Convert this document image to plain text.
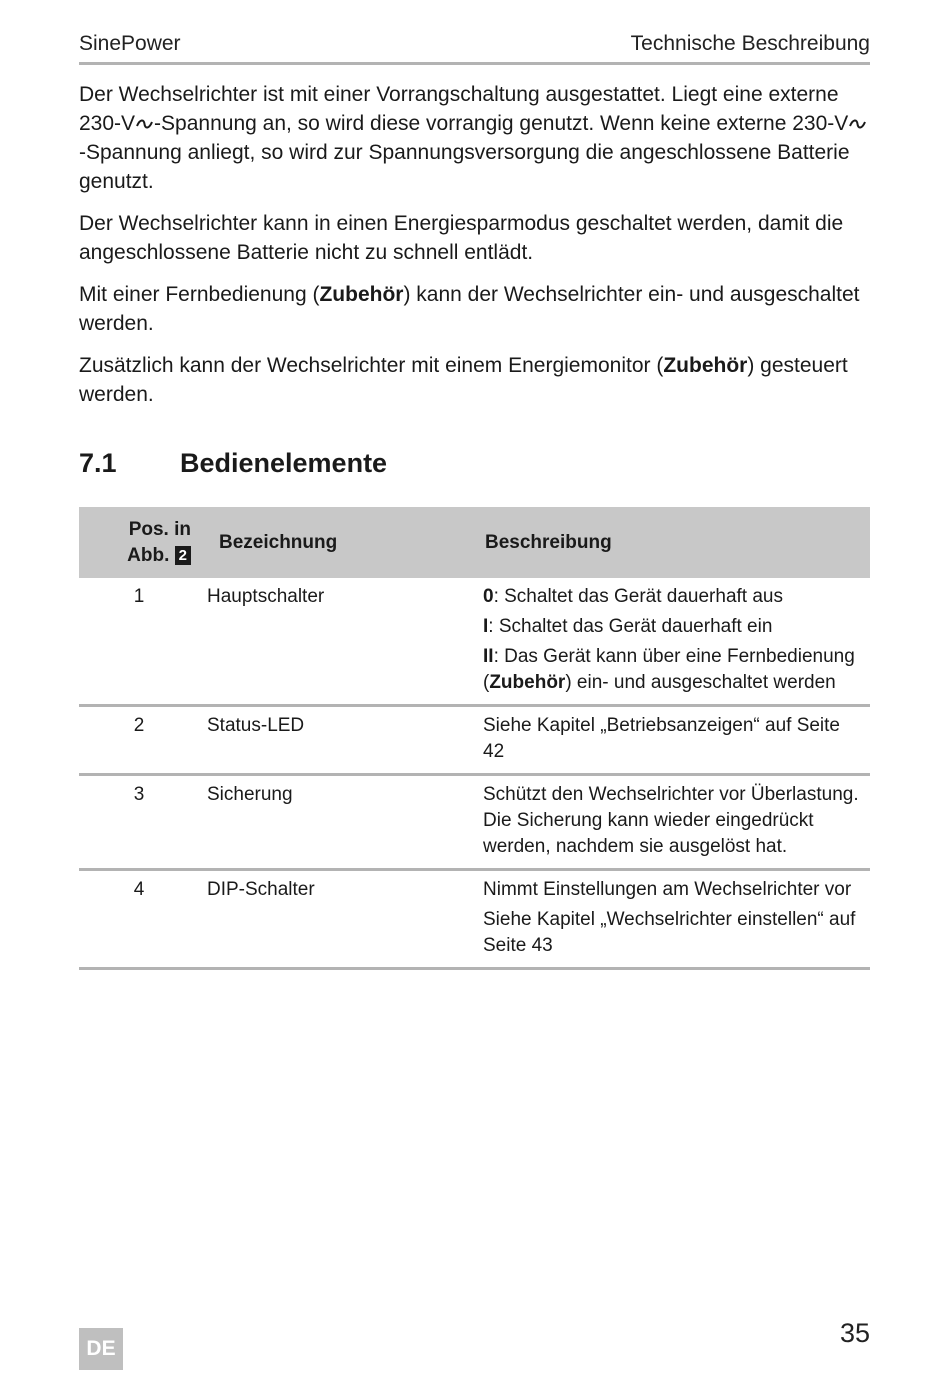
SinePower	Technische Beschreibung

Der Wechselrichter ist mit einer Vorrangschaltung ausgestattet. Liegt eine externe 230-V -Spannung an, so wird diese vorrangig genutzt. Wenn keine externe 230-V-Spannung anliegt, so wird zur Spannungsversorgung die angeschlossene Batterie genutzt.

Der Wechselrichter kann in einen Energiesparmodus geschaltet werden, damit die angeschlossene Batterie nicht zu schnell entlädt.

Mit einer Fernbedienung (Zubehör) kann der Wechselrichter ein- und ausgeschaltet werden.

Zusätzlich kann der Wechselrichter mit einem Energiemonitor (Zubehör) gesteuert werden.

7.1 Bedienelemente
Pos. in
Abb. 2	Bezeichnung	Beschreibung
1	Hauptschalter	0: Schaltet das Gerät dauerhaft aus
I: Schaltet das Gerät dauerhaft ein
II: Das Gerät kann über eine Fernbedienung (Zubehör) ein- und ausgeschaltet werden

2	Status-LED	Siehe Kapitel „Betriebsanzeigen“ auf Seite 42

3	Sicherung	Schützt den Wechselrichter vor Überlastung. Die Sicherung kann wieder eingedrückt werden, nachdem sie ausgelöst hat.

4	DIP-Schalter	Nimmt Einstellungen am Wechselrichter vor
Siehe Kapitel „Wechselrichter einstellen“ auf Seite 43
DE
35
